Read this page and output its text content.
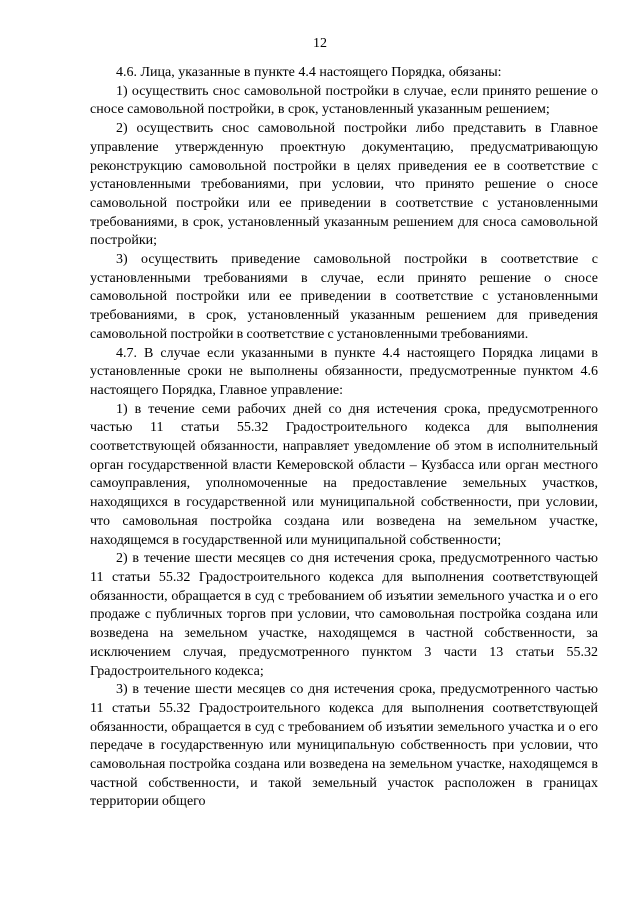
12

4.6. Лица, указанные в пункте 4.4 настоящего Порядка, обязаны:

1) осуществить снос самовольной постройки в случае, если принято решение о сносе самовольной постройки, в срок, установленный указанным решением;

2) осуществить снос самовольной постройки либо представить в Главное управление утвержденную проектную документацию, предусматривающую реконструкцию самовольной постройки в целях приведения ее в соответствие с установленными требованиями, при условии, что принято решение о сносе самовольной постройки или ее приведении в соответствие с установленными требованиями, в срок, установленный указанным решением для сноса самовольной постройки;

3) осуществить приведение самовольной постройки в соответствие с установленными требованиями в случае, если принято решение о сносе самовольной постройки или ее приведении в соответствие с установленными требованиями, в срок, установленный указанным решением для приведения самовольной постройки в соответствие с установленными требованиями.

4.7. В случае если указанными в пункте 4.4 настоящего Порядка лицами в установленные сроки не выполнены обязанности, предусмотренные пунктом 4.6 настоящего Порядка, Главное управление:

1) в течение семи рабочих дней со дня истечения срока, предусмотренного частью 11 статьи 55.32 Градостроительного кодекса для выполнения соответствующей обязанности, направляет уведомление об этом в исполнительный орган государственной власти Кемеровской области – Кузбасса или орган местного самоуправления, уполномоченные на предоставление земельных участков, находящихся в государственной или муниципальной собственности, при условии, что самовольная постройка создана или возведена на земельном участке, находящемся в государственной или муниципальной собственности;

2) в течение шести месяцев со дня истечения срока, предусмотренного частью 11 статьи 55.32 Градостроительного кодекса для выполнения соответствующей обязанности, обращается в суд с требованием об изъятии земельного участка и о его продаже с публичных торгов при условии, что самовольная постройка создана или возведена на земельном участке, находящемся в частной собственности, за исключением случая, предусмотренного пунктом 3 части 13 статьи 55.32 Градостроительного кодекса;

3) в течение шести месяцев со дня истечения срока, предусмотренного частью 11 статьи 55.32 Градостроительного кодекса для выполнения соответствующей обязанности, обращается в суд с требованием об изъятии земельного участка и о его передаче в государственную или муниципальную собственность при условии, что самовольная постройка создана или возведена на земельном участке, находящемся в частной собственности, и такой земельный участок расположен в границах территории общего
